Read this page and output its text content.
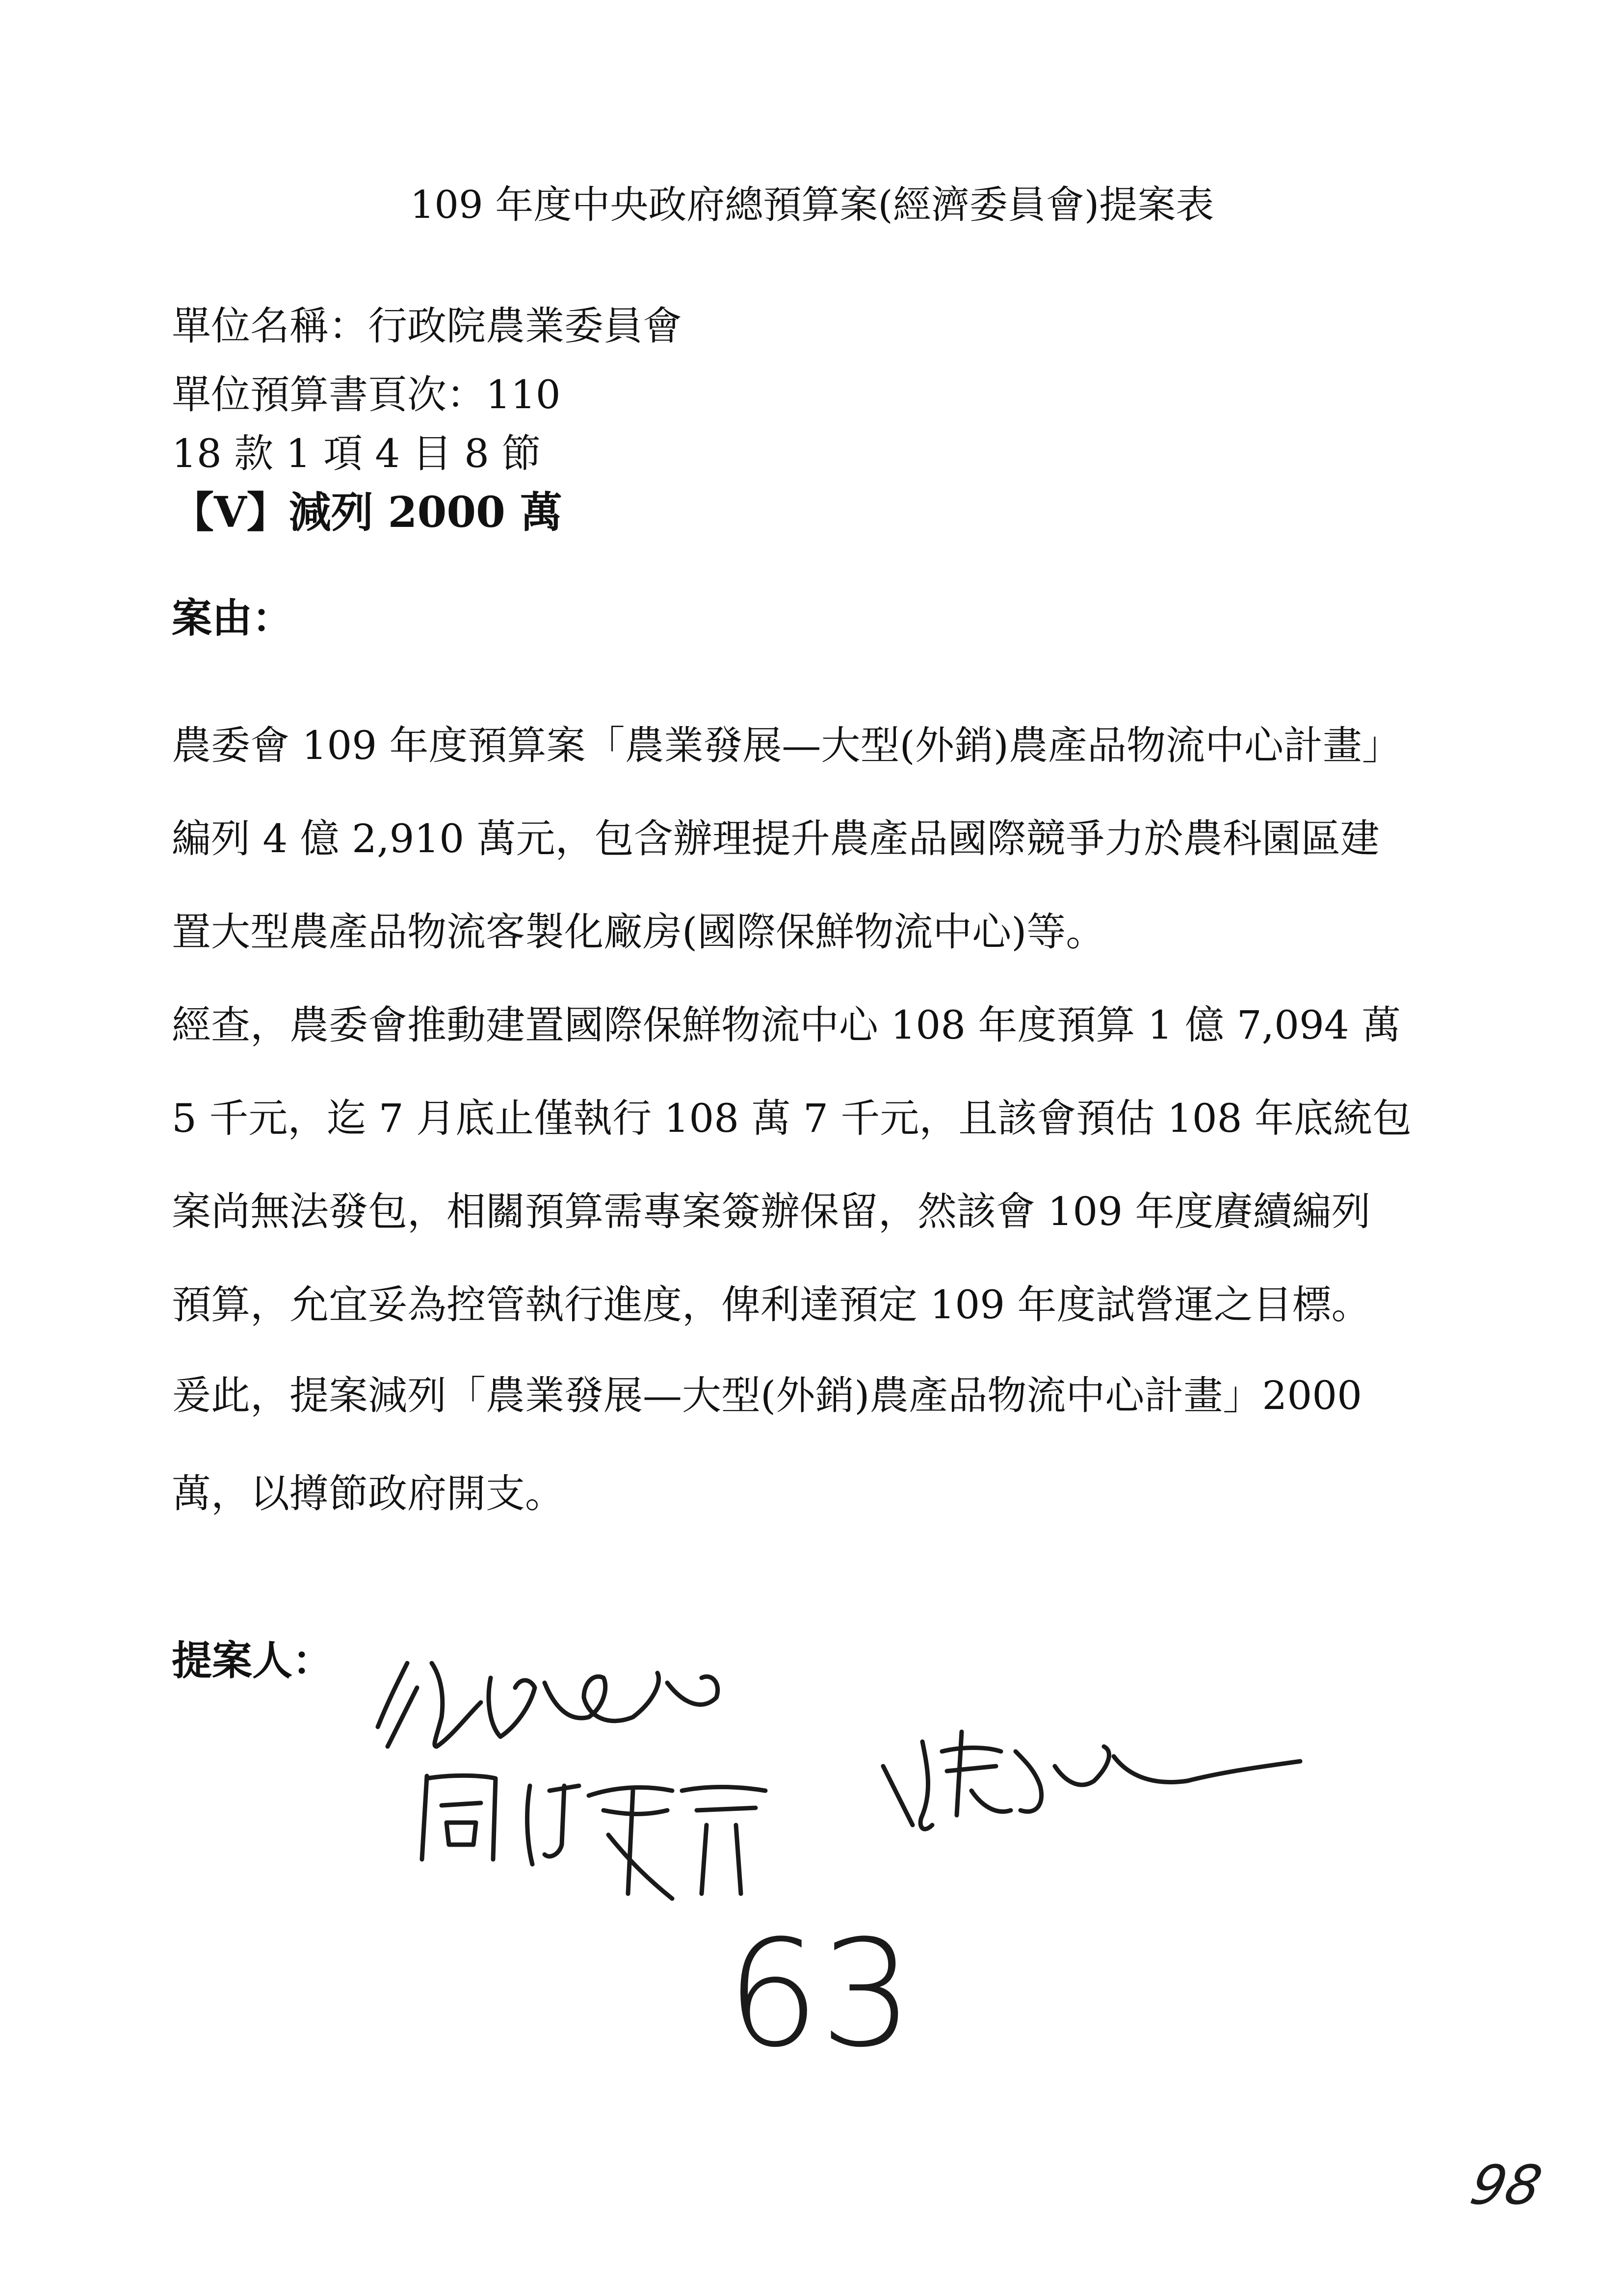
109 年度中央政府總預算案(經濟委員會)提案表
單位名稱：行政院農業委員會
單位預算書頁次：110
18 款 1 項 4 目 8 節
【V】減列 2000 萬
案由：
農委會 109 年度預算案「農業發展—大型(外銷)農產品物流中心計畫」
編列 4 億 2,910 萬元，包含辦理提升農產品國際競爭力於農科園區建
置大型農產品物流客製化廠房(國際保鮮物流中心)等。
經查，農委會推動建置國際保鮮物流中心 108 年度預算 1 億 7,094 萬
5 千元，迄 7 月底止僅執行 108 萬 7 千元，且該會預估 108 年底統包
案尚無法發包，相關預算需專案簽辦保留，然該會 109 年度賡續編列
預算，允宜妥為控管執行進度，俾利達預定 109 年度試營運之目標。
爰此，提案減列「農業發展—大型(外銷)農產品物流中心計畫」2000
萬，以撙節政府開支。
提案人：
63
98
